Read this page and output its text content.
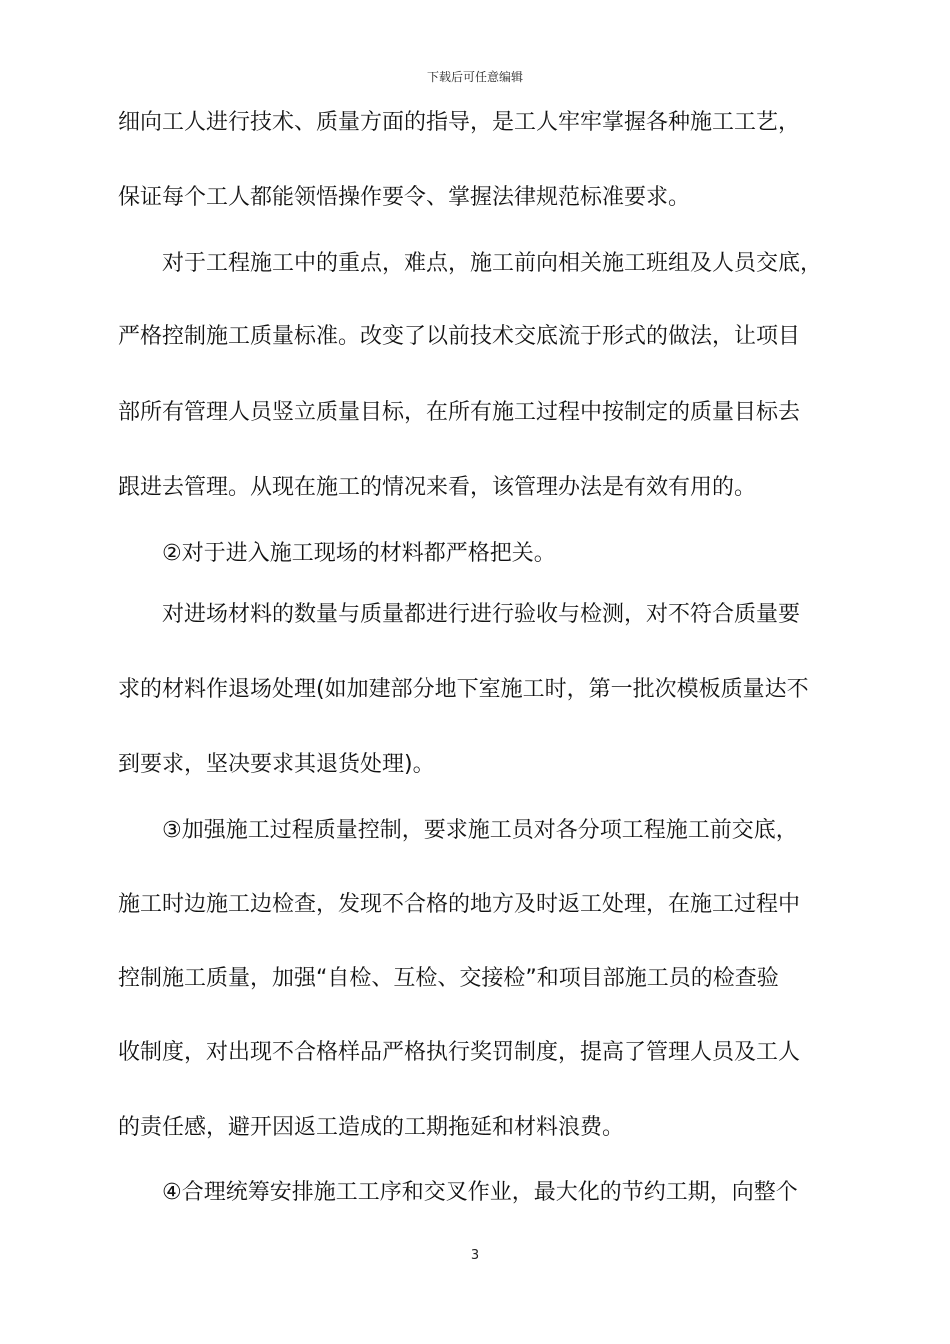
下载后可任意编辑
细向工人进行技术、质量方面的指导，是工人牢牢掌握各种施工工艺，
保证每个工人都能领悟操作要令、掌握法律规范标准要求。
对于工程施工中的重点，难点，施工前向相关施工班组及人员交底，
严格控制施工质量标准。改变了以前技术交底流于形式的做法，让项目
部所有管理人员竖立质量目标，在所有施工过程中按制定的质量目标去
跟进去管理。从现在施工的情况来看，该管理办法是有效有用的。
②对于进入施工现场的材料都严格把关。
对进场材料的数量与质量都进行进行验收与检测，对不符合质量要
求的材料作退场处理(如加建部分地下室施工时，第一批次模板质量达不
到要求，坚决要求其退货处理)。
③加强施工过程质量控制，要求施工员对各分项工程施工前交底，
施工时边施工边检查，发现不合格的地方及时返工处理，在施工过程中
控制施工质量，加强“自检、互检、交接检”和项目部施工员的检查验
收制度，对出现不合格样品严格执行奖罚制度，提高了管理人员及工人
的责任感，避开因返工造成的工期拖延和材料浪费。
④合理统筹安排施工工序和交叉作业，最大化的节约工期，向整个
3
